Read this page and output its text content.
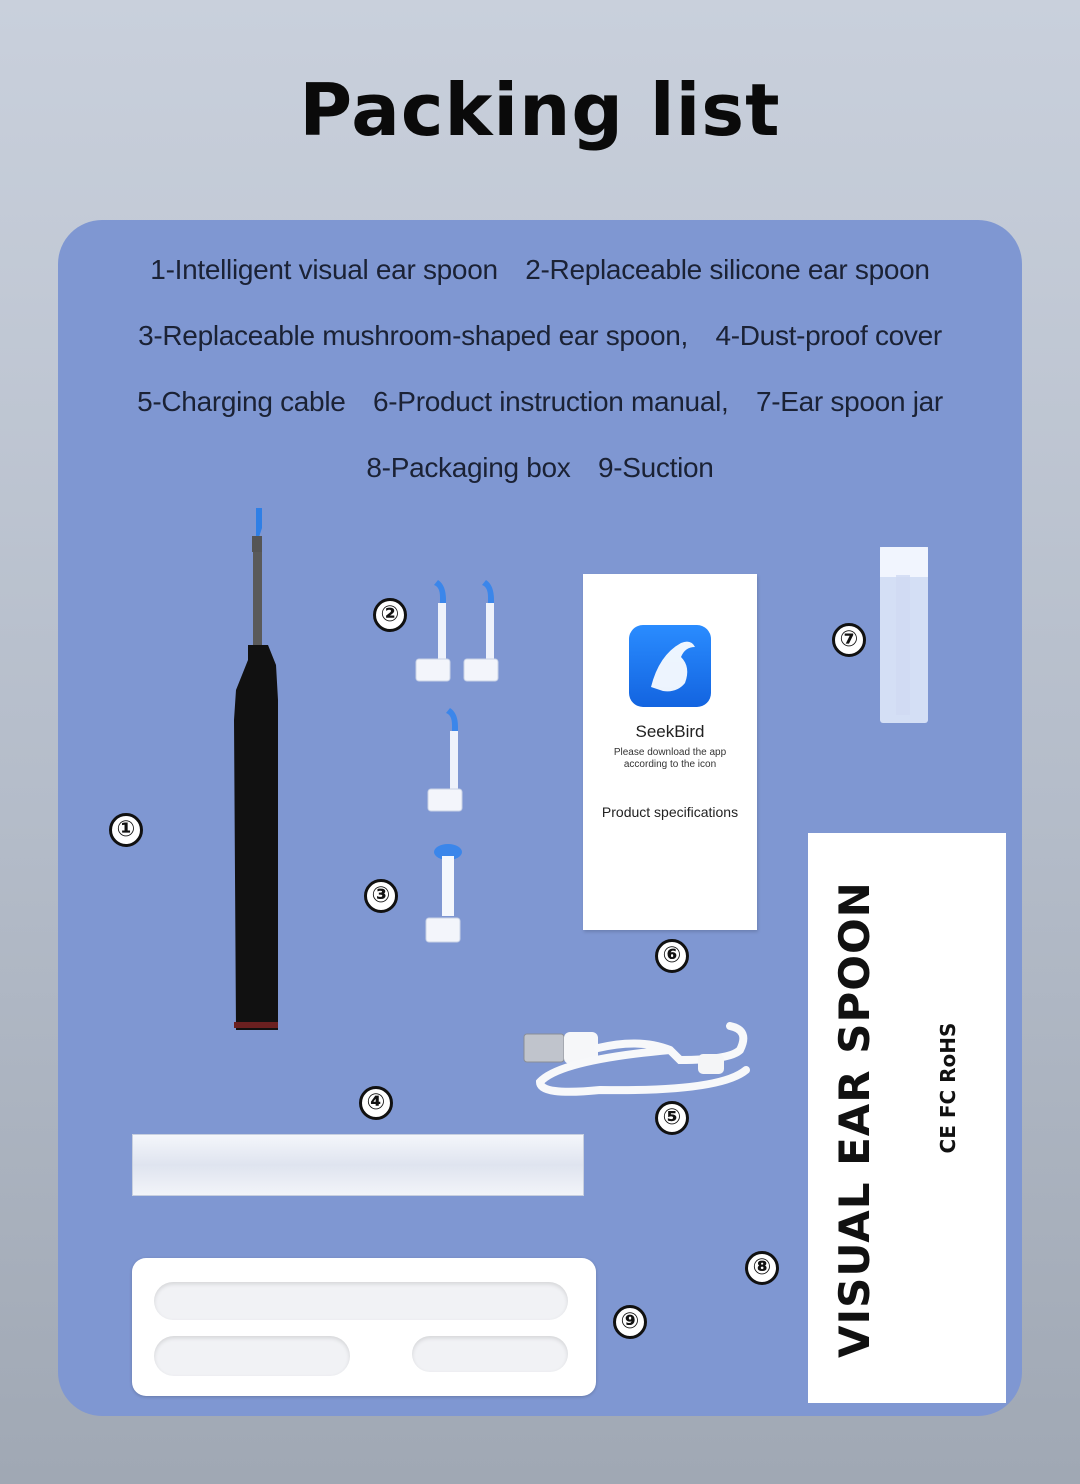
Packing list
1-Intelligent visual ear spoon 2-Replaceable silicone ear spoon
3-Replaceable mushroom-shaped ear spoon, 4-Dust-proof cover
5-Charging cable 6-Product instruction manual, 7-Ear spoon jar
8-Packaging box 9-Suction
SeekBird
Please download the app
according to the icon
Product specifications
VISUAL EAR SPOON	CE FC RoHS
①
②
③
④
⑤
⑥
⑦
⑧
⑨
